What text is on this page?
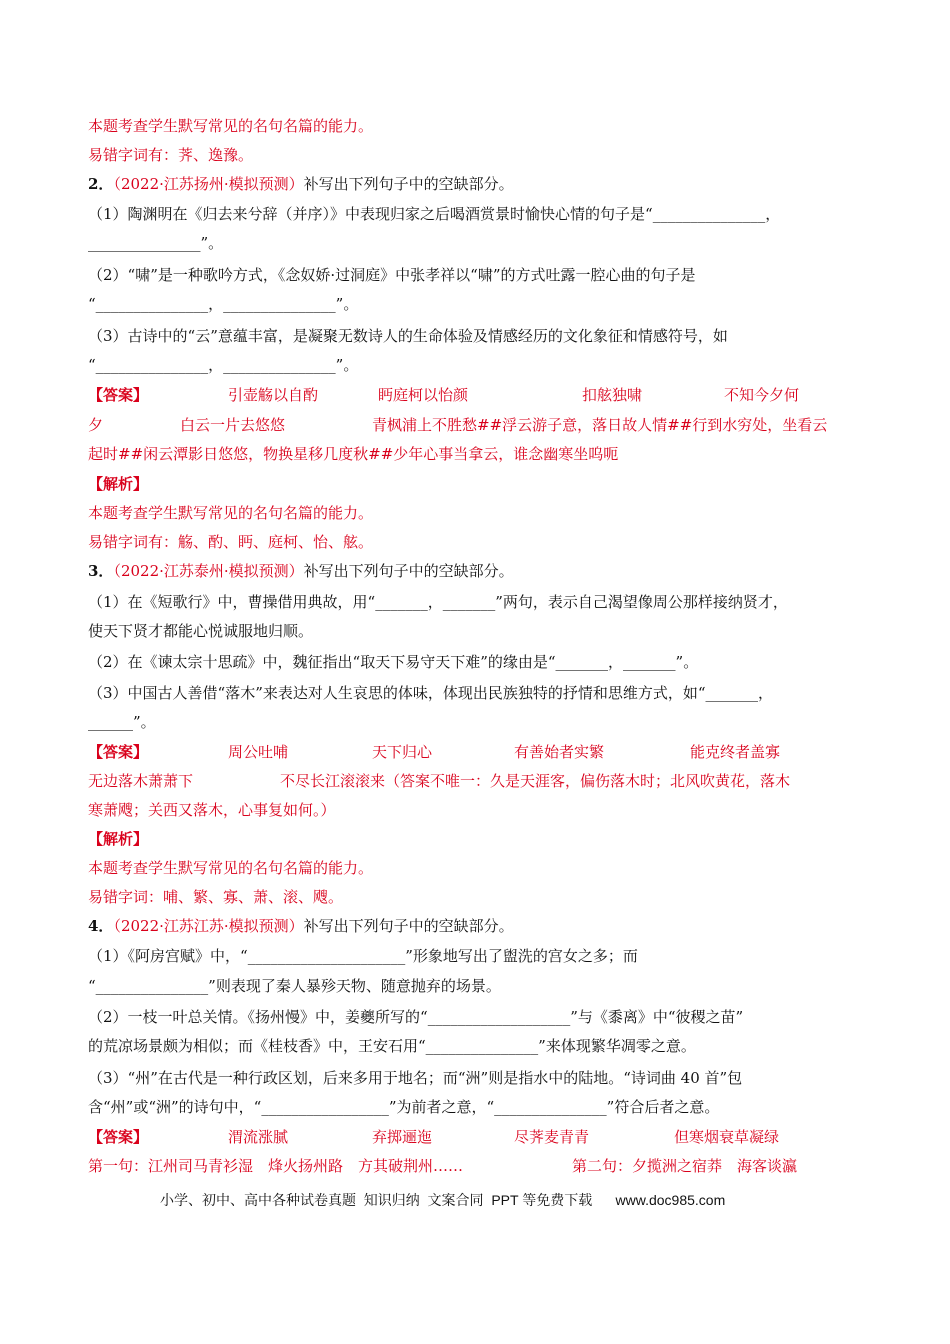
本题考查学生默写常见的名句名篇的能力。
易错字词有：荠、逸豫。
2．（2022·江苏扬州·模拟预测）补写出下列句子中的空缺部分。
（1）陶渊明在《归去来兮辞（并序）》中表现归家之后喝酒赏景时愉快心情的句子是“_______________，
_______________”。
（2）“啸”是一种歌吟方式，《念奴娇·过洞庭》中张孝祥以“啸”的方式吐露一腔心曲的句子是
“_______________，_______________”。
（3）古诗中的“云”意蕴丰富，是凝聚无数诗人的生命体验及情感经历的文化象征和情感符号，如
“_______________，_______________”。
【答案】	引壶觞以自酌	眄庭柯以怡颜	扣舷独啸	不知今夕何
夕	白云一片去悠悠	青枫浦上不胜愁##浮云游子意，落日故人情##行到水穷处，坐看云
起时##闲云潭影日悠悠，物换星移几度秋##少年心事当拿云，谁念幽寒坐呜呃
【解析】
本题考查学生默写常见的名句名篇的能力。
易错字词有：觞、酌、眄、庭柯、怡、舷。
3．（2022·江苏泰州·模拟预测）补写出下列句子中的空缺部分。
（1）在《短歌行》中，曹操借用典故，用“_______，_______”两句，表示自己渴望像周公那样接纳贤才，
使天下贤才都能心悦诚服地归顺。
（2）在《谏太宗十思疏》中，魏征指出“取天下易守天下难”的缘由是“_______，_______”。
（3）中国古人善借“落木”来表达对人生哀思的体味，体现出民族独特的抒情和思维方式，如“_______，
______”。
【答案】	周公吐哺	天下归心	有善始者实繁	能克终者盖寡
无边落木萧萧下	不尽长江滚滚来（答案不唯一：久是天涯客，偏伤落木时；北风吹黄花，落木
寒萧飕；关西又落木，心事复如何。）
【解析】
本题考查学生默写常见的名句名篇的能力。
易错字词：哺、繁、寡、萧、滚、飕。
4．（2022·江苏江苏·模拟预测）补写出下列句子中的空缺部分。
（1）《阿房宫赋》中，“_____________________”形象地写出了盥洗的宫女之多；而
“_______________”则表现了秦人暴殄天物、随意抛弃的场景。
（2）一枝一叶总关情。《扬州慢》中，姜夔所写的“___________________”与《黍离》中“彼稷之苗”
的荒凉场景颇为相似；而《桂枝香》中，王安石用“_______________”来体现繁华凋零之意。
（3）“州”在古代是一种行政区划，后来多用于地名；而“洲”则是指水中的陆地。“诗词曲 40 首”包
含“州”或“洲”的诗句中，“_________________”为前者之意，“_______________”符合后者之意。
【答案】	渭流涨腻	弃掷逦迤	尽荠麦青青	但寒烟衰草凝绿
第一句：江州司马青衫湿　烽火扬州路　方其破荆州……	第二句：夕揽洲之宿莽　海客谈瀛
小学、初中、高中各种试卷真题  知识归纳  文案合同  PPT 等免费下载      www.doc985.com
